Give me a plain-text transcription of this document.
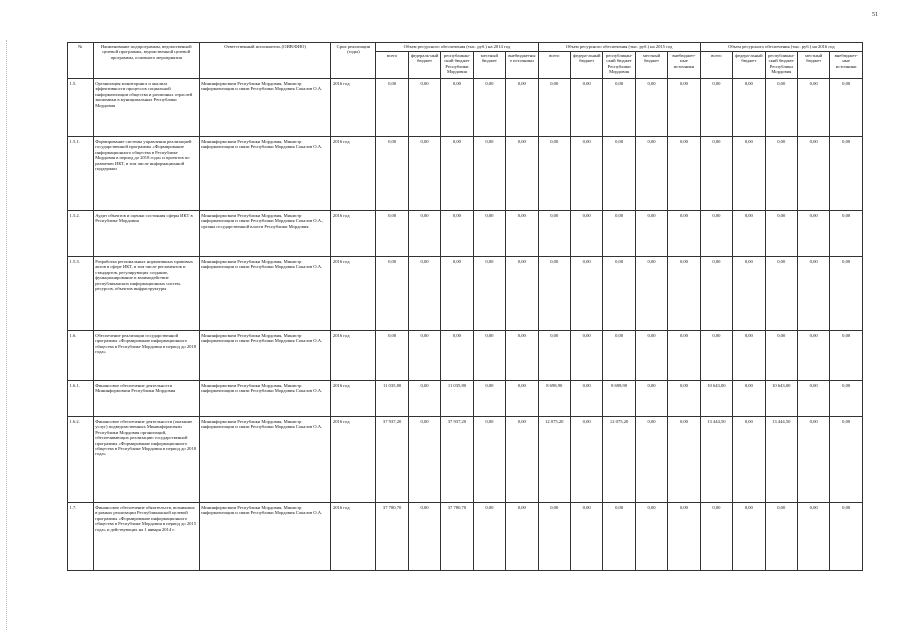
51
№	Наименование подпрограммы, ведомственной целевой программы, ведомственной целевой программы, основного мероприятия	Ответственный исполнитель (ОИВ/ФИО)	Срок реализации (годы)	Объем ресурсного обеспечения (тыс. руб.) на 2014 год					Объем ресурсного обеспечения (тыс. руб.) на 2015 год					Объем ресурсного обеспечения (тыс. руб.) на 2016 год				
				всего	федераль-ный бюджет	республикан-ский бюджет Республики Мордовия	местный бюджет	внебюджетные источники	всего	федера-льный бюджет	республикан-ский бюджет Республики Мордовия	местный бюджет	внебюджет-ные источники	всего	федера-льный бюджет	республикан-ский бюджет Республики Мордовия	местный бюджет	внебюджет-ные источники
1.5.	Организация мониторинга и анализа эффективности процессов социальной информатизации общества и различных отраслей экономики в муниципальных Республики Мордовия	Мининформсвязи Республики Мордовия, Министр информатизации и связи Республики Мордовия Сокалов О.А.	2016 год	0,00	0,00	0,00	0,00	0,00	0,00	0,00	0,00	0,00	0,00	0,00	0,00	0,00	0,00	0,00
1.5.1.	Формирование системы управления реализацией государственной программы «Формирование информационного общества в Республике Мордовия в период до 2018 года» и проектов по развитию ИКТ, в том числе информационной поддержки	Мининформсвязи Республики Мордовия, Министр информатизации и связи Республики Мордовия Сокалов О.А.	2016 год	0,00	0,00	0,00	0,00	0,00	0,00	0,00	0,00	0,00	0,00	0,00	0,00	0,00	0,00	0,00
1.5.2.	Аудит объектов и оценки состояния сферы ИКТ в Республике Мордовия	Мининформсвязи Республики Мордовия, Министр информатизации и связи Республики Мордовия Сокалов О.А., органы государственной власти Республики Мордовия	2016 год	0,00	0,00	0,00	0,00	0,00	0,00	0,00	0,00	0,00	0,00	0,00	0,00	0,00	0,00	0,00
1.5.3.	Разработка региональных нормативных правовых актов в сфере ИКТ, в том числе регламентов и стандартов, регулирующих создание, функционирование и взаимодействие республиканских информационных систем, ресурсов, объектов инфраструктуры	Мининформсвязи Республики Мордовия, Министр информатизации и связи Республики Мордовия Сокалов О.А.	2016 год	0,00	0,00	0,00	0,00	0,00	0,00	0,00	0,00	0,00	0,00	0,00	0,00	0,00	0,00	0,00
1.6.	Обеспечение реализации государственной программы «Формирование информационного общества в Республике Мордовия в период до 2018 года»	Мининформсвязи Республики Мордовия, Министр информатизации и связи Республики Мордовия Сокалов О.А.	2016 год	0,00	0,00	0,00	0,00	0,00	0,00	0,00	0,00	0,00	0,00	0,00	0,00	0,00	0,00	0,00
1.6.1.	Финансовое обеспечение деятельности Мининформсвязи Республики Мордовия	Мининформсвязи Республики Мордовия, Министр информатизации и связи Республики Мордовия Сокалов О.А.	2016 год	11 035,80	0,00	11 035,80	0,00	0,00	8 698,90	0,00	8 698,90	0,00	0,00	10 643,00	0,00	10 643,00	0,00	0,00
1.6.2.	Финансовое обеспечение деятельности (оказание услуг) подведомственных Мининформсвязи Республики Мордовия организаций, обеспечивающих реализацию государственной программы «Формирование информационного общества в Республике Мордовия в период до 2018 года»	Мининформсвязи Республики Мордовия, Министр информатизации и связи Республики Мордовия Сокалов О.А.	2016 год	37 937,20	0,00	37 937,20	0,00	0,00	12 075,20	0,00	12 075,20	0,00	0,00	13 444,50	0,00	13 444,50	0,00	0,00
1.7.	Финансовое обеспечение обязательств, возникших в рамках реализации Республиканской целевой программы «Формирование информационного общества в Республике Мордовия в период до 2015 года» и действующих на 1 января 2014 г.	Мининформсвязи Республики Мордовия, Министр информатизации и связи Республики Мордовия Сокалов О.А.	2016 год	37 780,70	0,00	37 780,70	0,00	0,00	0,00	0,00	0,00	0,00	0,00	0,00	0,00	0,00	0,00	0,00
